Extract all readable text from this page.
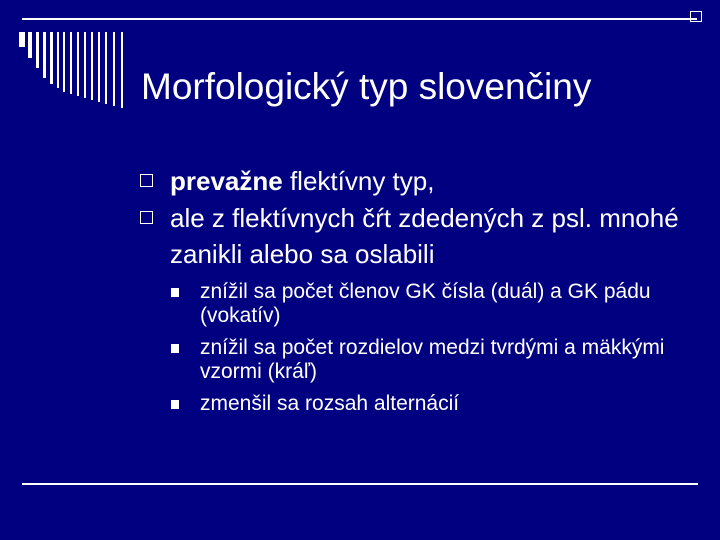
Morfologický typ slovenčiny
prevažne flektívny typ,
ale z flektívnych čŕt zdedených z psl. mnohé zanikli alebo sa oslabili
znížil sa počet členov GK čísla (duál) a GK pádu (vokatív)
znížil sa počet rozdielov medzi tvrdými a mäkkými vzormi (kráľ)
zmenšil sa rozsah alternácií
